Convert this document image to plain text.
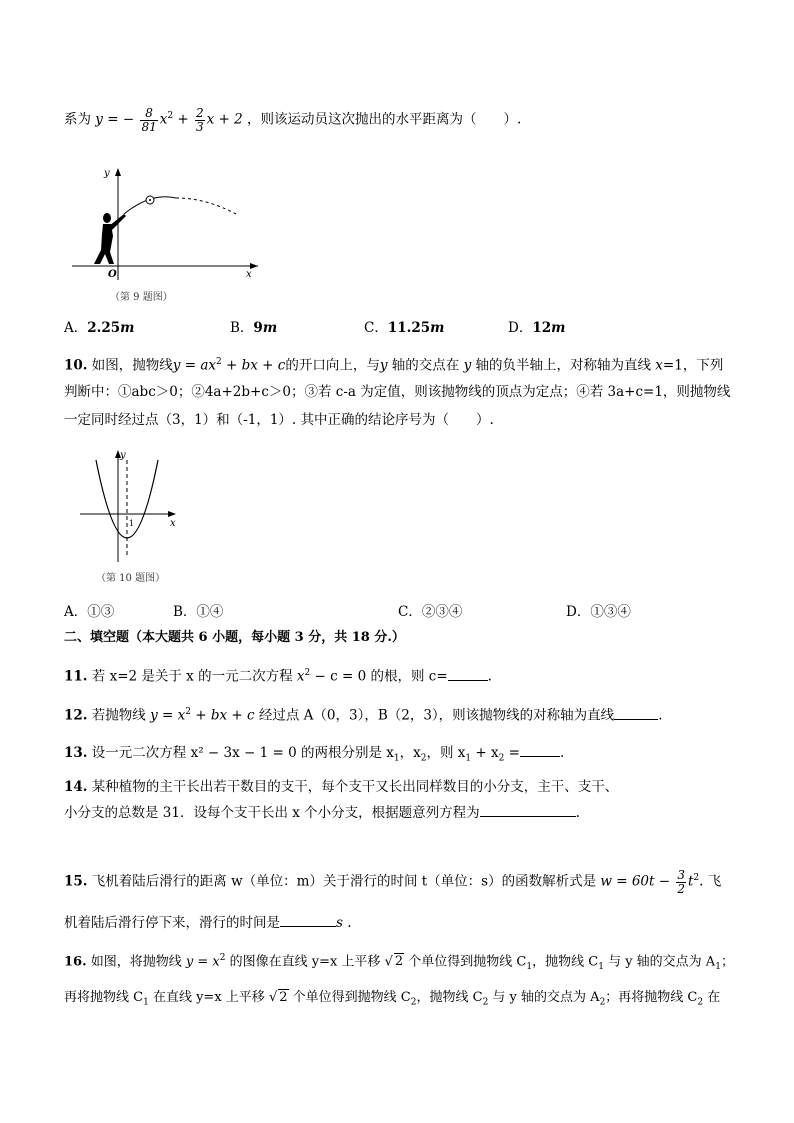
系为 y = − $\frac{8}{81} x^2 + \frac{2}{3}$ x + 2 ，则该运动员这次抛出的水平距离为（　　）.
y
x
O
（第 9 题图）
A．2.25m	B．9m	C．11.25m	D．12m
10. 如图，抛物线$y = ax^2$ + bx + c的开口向上，与y 轴的交点在 y 轴的负半轴上，对称轴为直线 x=1，下列
判断中：①abc＞0；②4a+2b+c＞0；③若 c-a 为定值，则该抛物线的顶点为定点；④若 3a+c=1，则抛物线
一定同时经过点（3，1）和（-1，1）. 其中正确的结论序号为（　　）.
y
x
1
（第 10 题图）
A．①③	B．①④	C．②③④	D．①③④
二、填空题（本大题共 6 小题，每小题 3 分，共 18 分.）
11. 若 x=2 是关于 x 的一元二次方程 $x^2 - c = 0$ 的根，则 c=	.
12. 若抛物线 $y = x^2$ + bx + c 经过点 A（0，3），B（2，3），则该抛物线的对称轴为直线	.
13. 设一元二次方程 x² − 3x − 1 = 0 的两根分别是 $x_1$，$x_2$，则 $x_1 + x_2$ =	.
14. 某种植物的主干长出若干数目的支干，每个支干又长出同样数目的小分支，主干、支干、
小分支的总数是 31．设每个支干长出 x 个小分支，根据题意列方程为	.
15. 飞机着陆后滑行的距离 w（单位：m）关于滑行的时间 t（单位：s）的函数解析式是 $w = 60t - \frac{3}{2} t^2$. 飞
机着陆后滑行停下来，滑行的时间是	s .
16. 如图，将抛物线 $y = x^2$ 的图像在直线 y=x 上平移 √ 2 个单位得到抛物线 $C_1$，抛物线 $C_1$ 与 y 轴的交点为 $A_1$；
再将抛物线 $C_1$ 在直线 y=x 上平移 √ 2 个单位得到抛物线 $C_2$，抛物线 $C_2$ 与 y 轴的交点为 $A_2$；再将抛物线 $C_2$ 在
